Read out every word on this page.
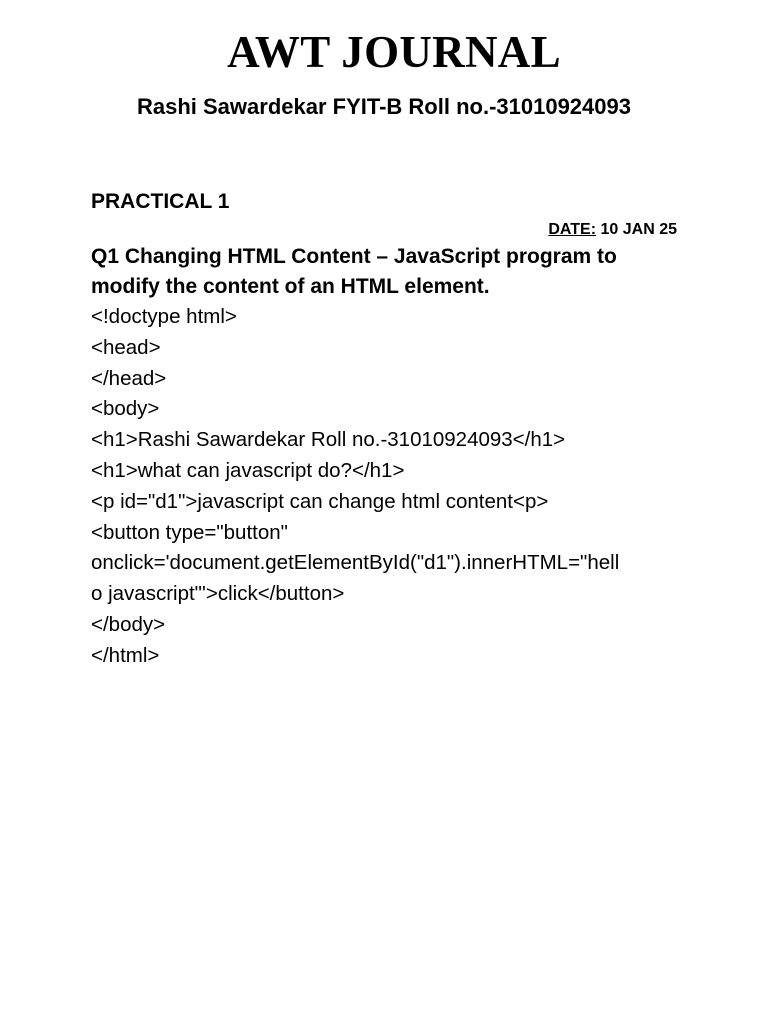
AWT JOURNAL
Rashi Sawardekar FYIT-B Roll no.-31010924093
PRACTICAL 1
DATE: 10 JAN 25
Q1 Changing HTML Content – JavaScript program to modify the content of an HTML element.
<!doctype html>
<head>
</head>
<body>
<h1>Rashi Sawardekar Roll no.-31010924093</h1>
<h1>what can javascript do?</h1>
<p id="d1">javascript can change html content<p>
<button type="button"
onclick='document.getElementById("d1").innerHTML="hell
o javascript"'>click</button>
</body>
</html>
